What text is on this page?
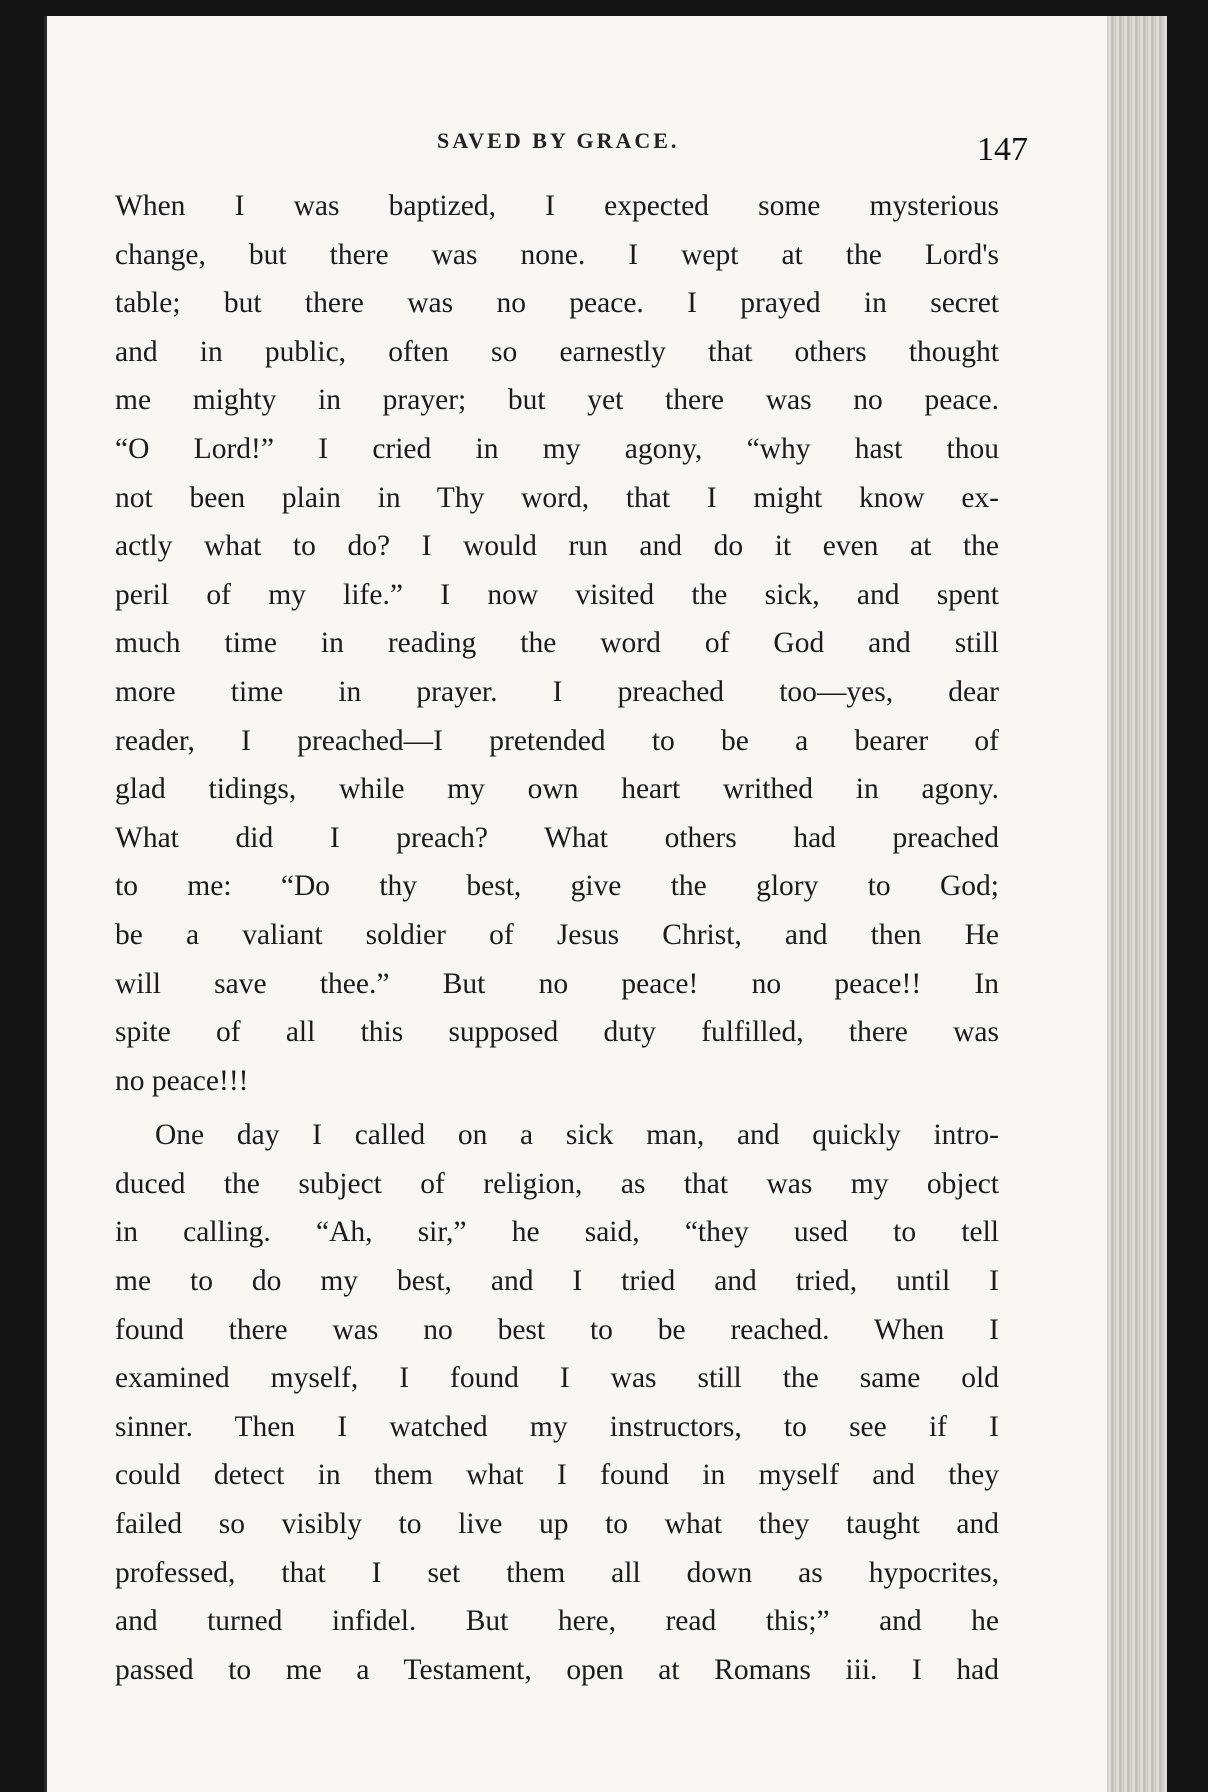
SAVED BY GRACE.	147
When I was baptized, I expected some mysterious
change, but there was none. I wept at the Lord's
table; but there was no peace. I prayed in secret
and in public, often so earnestly that others thought
me mighty in prayer; but yet there was no peace.
“O Lord!” I cried in my agony, “why hast thou
not been plain in Thy word, that I might know ex-
actly what to do? I would run and do it even at the
peril of my life.” I now visited the sick, and spent
much time in reading the word of God and still
more time in prayer. I preached too—yes, dear
reader, I preached—I pretended to be a bearer of
glad tidings, while my own heart writhed in agony.
What did I preach? What others had preached
to me: “Do thy best, give the glory to God;
be a valiant soldier of Jesus Christ, and then He
will save thee.” But no peace! no peace!! In
spite of all this supposed duty fulfilled, there was
no peace!!!
One day I called on a sick man, and quickly intro-
duced the subject of religion, as that was my object
in calling. “Ah, sir,” he said, “they used to tell
me to do my best, and I tried and tried, until I
found there was no best to be reached. When I
examined myself, I found I was still the same old
sinner. Then I watched my instructors, to see if I
could detect in them what I found in myself and they
failed so visibly to live up to what they taught and
professed, that I set them all down as hypocrites,
and turned infidel. But here, read this;” and he
passed to me a Testament, open at Romans iii. I had
